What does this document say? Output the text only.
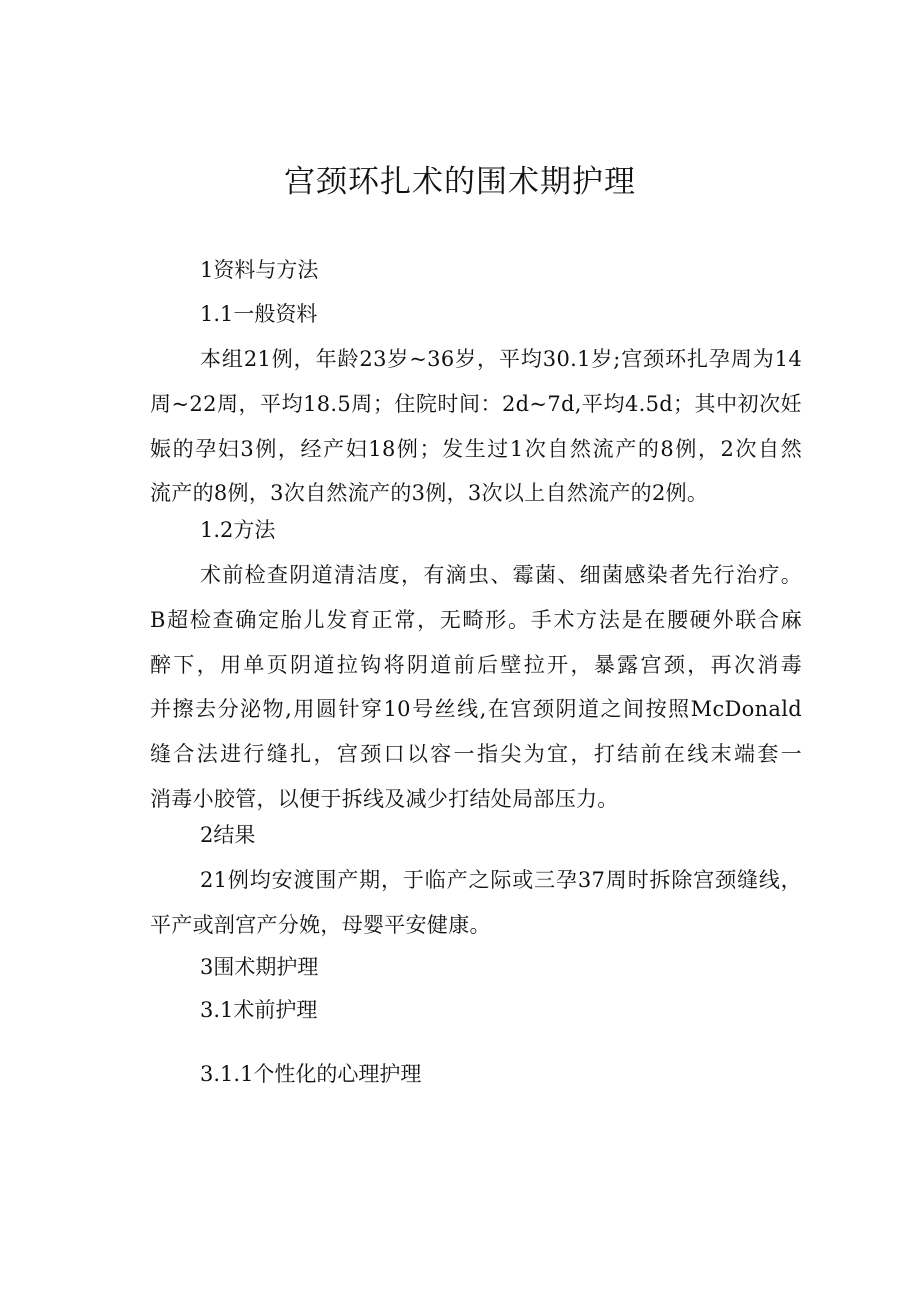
宫颈环扎术的围术期护理
1资料与方法
1.1一般资料
本组21例，年龄23岁~36岁，平均30.1岁;宫颈环扎孕周为14
周~22周，平均18.5周；住院时间：2d~7d,平均4.5d；其中初次妊
娠的孕妇3例，经产妇18例；发生过1次自然流产的8例，2次自然
流产的8例，3次自然流产的3例，3次以上自然流产的2例。
1.2方法
术前检查阴道清洁度，有滴虫、霉菌、细菌感染者先行治疗。
B超检查确定胎儿发育正常，无畸形。手术方法是在腰硬外联合麻
醉下，用单页阴道拉钩将阴道前后壁拉开，暴露宫颈，再次消毒
并擦去分泌物,用圆针穿10号丝线,在宫颈阴道之间按照McDonald
缝合法进行缝扎，宫颈口以容一指尖为宜，打结前在线末端套一
消毒小胶管，以便于拆线及减少打结处局部压力。
2结果
21例均安渡围产期，于临产之际或三孕37周时拆除宫颈缝线，
平产或剖宫产分娩，母婴平安健康。
3围术期护理
3.1术前护理
3.1.1个性化的心理护理
